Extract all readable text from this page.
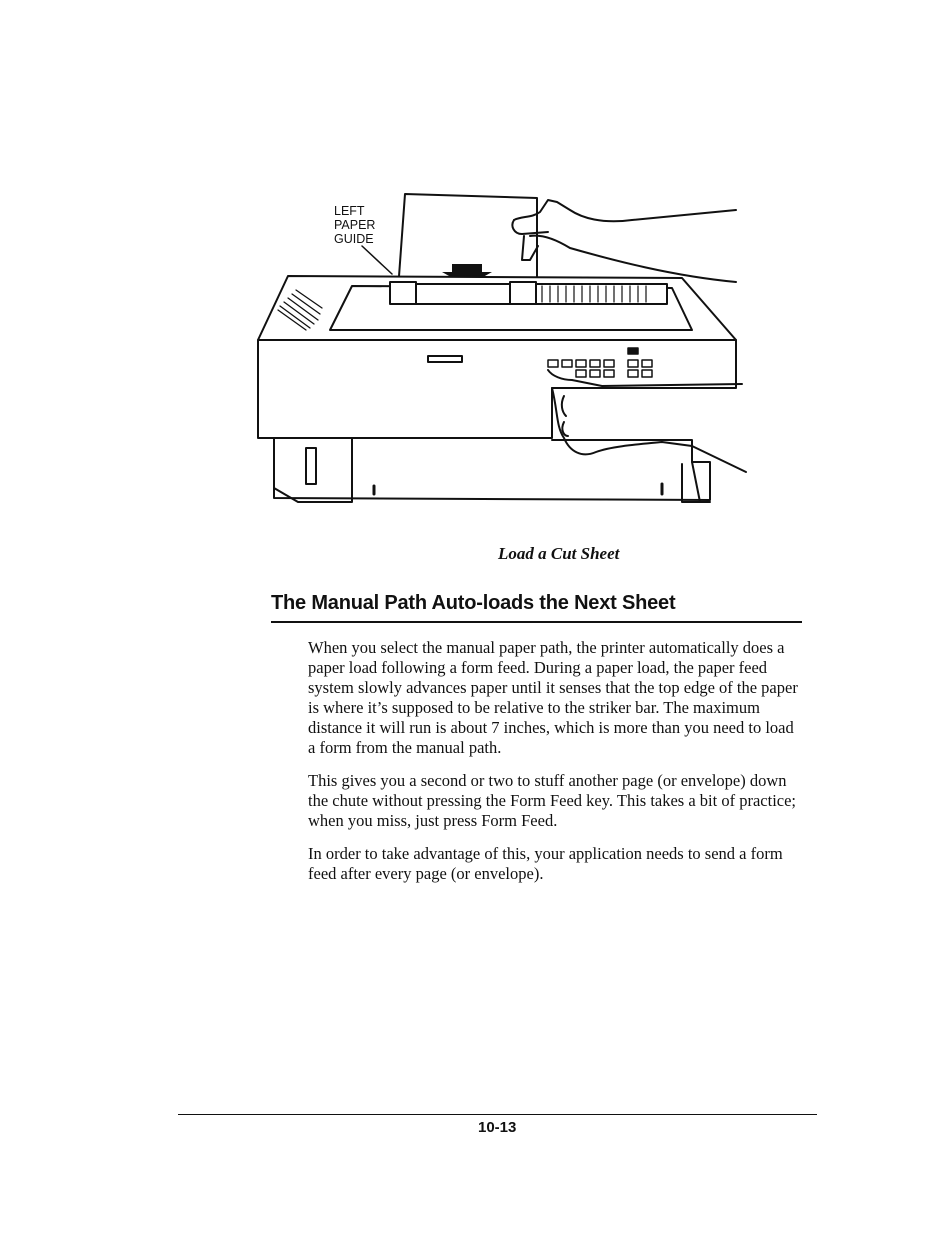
LEFT
PAPER
GUIDE
Load a Cut Sheet
The Manual Path Auto-loads the Next Sheet

When you select the manual paper path, the printer automatically does a paper load following a form feed. During a paper load, the paper feed system slowly advances paper until it senses that the top edge of the paper is where it’s supposed to be relative to the striker bar. The maximum distance it will run is about 7 inches, which is more than you need to load a form from the manual path.

This gives you a second or two to stuff another page (or envelope) down the chute without pressing the Form Feed key. This takes a bit of practice; when you miss, just press Form Feed.

In order to take advantage of this, your application needs to send a form feed after every page (or envelope).

10-13
